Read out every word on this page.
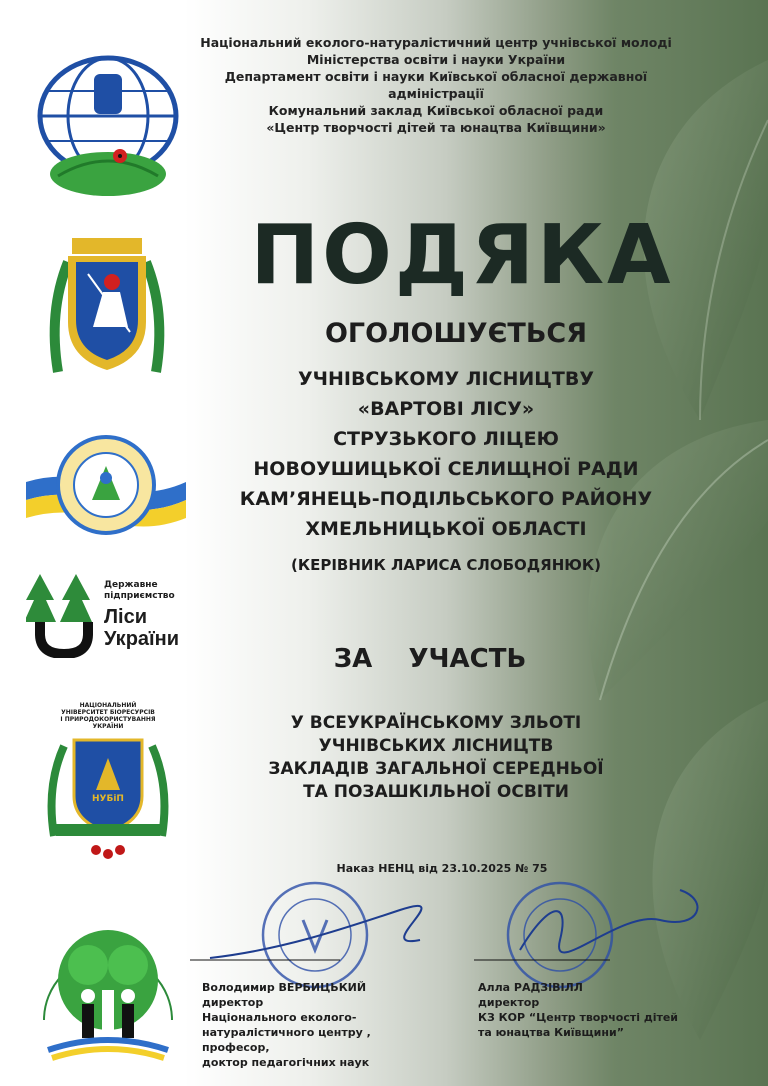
Державне
підприємство
Ліси
України
НАЦІОНАЛЬНИЙ
УНІВЕРСИТЕТ БІОРЕСУРСІВ
І ПРИРОДОКОРИСТУВАННЯ УКРАЇНИ
НУБіП
Національний еколого-натуралістичний центр учнівської молоді
Міністерства освіти і науки України
Департамент освіти і науки Київської обласної державної адміністрації
Комунальний заклад Київської обласної ради
«Центр творчості дітей та юнацтва Київщини»
ПОДЯКА
ОГОЛОШУЄТЬСЯ
УЧНІВСЬКОМУ ЛІСНИЦТВУ
«ВАРТОВІ ЛІСУ»
СТРУЗЬКОГО ЛІЦЕЮ
НОВОУШИЦЬКОЇ СЕЛИЩНОЇ РАДИ
КАМ’ЯНЕЦЬ-ПОДІЛЬСЬКОГО РАЙОНУ
ХМЕЛЬНИЦЬКОЇ ОБЛАСТІ
(КЕРІВНИК ЛАРИСА СЛОБОДЯНЮК)
ЗА    УЧАСТЬ
У ВСЕУКРАЇНСЬКОМУ ЗЛЬОТІ
УЧНІВСЬКИХ ЛІСНИЦТВ
ЗАКЛАДІВ ЗАГАЛЬНОЇ СЕРЕДНЬОЇ
ТА ПОЗАШКІЛЬНОЇ ОСВІТИ
Наказ НЕНЦ від 23.10.2025 № 75
Володимир ВЕРБИЦЬКИЙ
директор
Національного еколого-
натуралістичного центру , професор,
доктор педагогічних наук
Алла РАДЗІВІЛЛ
директор
КЗ КОР “Центр творчості дітей
та юнацтва Київщини”
